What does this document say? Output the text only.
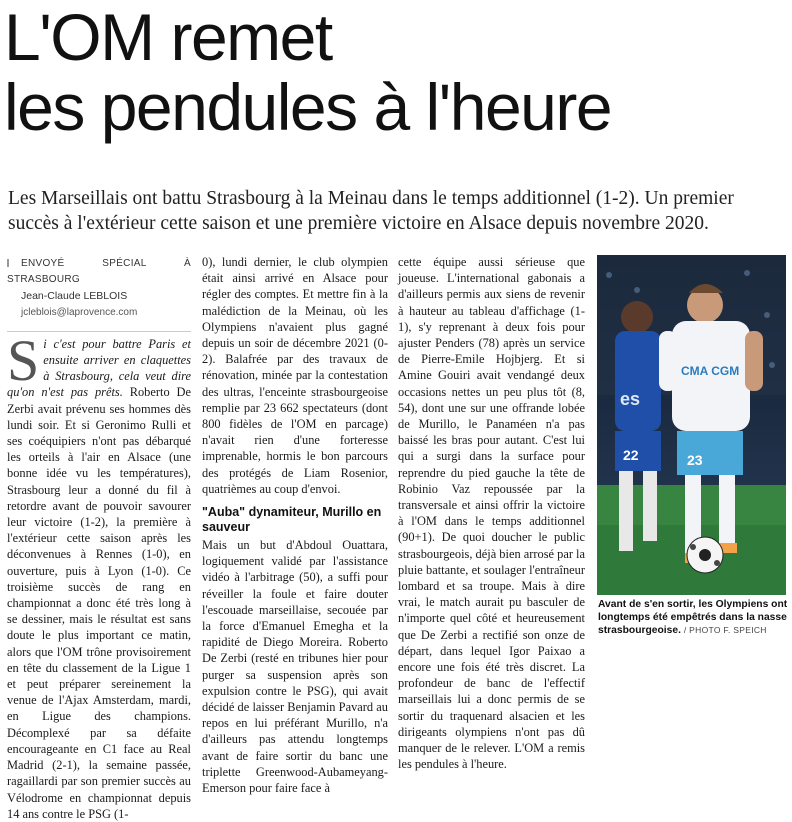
L'OM remet
les pendules à l'heure

Les Marseillais ont battu Strasbourg à la Meinau dans le temps additionnel (1-2). Un premier succès à l'extérieur cette saison et une première victoire en Alsace depuis novembre 2020.

ENVOYÉ SPÉCIAL À STRASBOURG
Jean-Claude LEBLOIS
jcleblois@laprovence.com

Si c'est pour battre Paris et ensuite arriver en claquettes à Strasbourg, cela veut dire qu'on n'est pas prêts. Roberto De Zerbi avait prévenu ses hommes dès lundi soir. Et si Geronimo Rulli et ses coéquipiers n'ont pas débarqué les orteils à l'air en Alsace (une bonne idée vu les températures), Strasbourg leur a donné du fil à retordre avant de pouvoir savourer leur victoire (1-2), la première à l'extérieur cette saison après les déconvenues à Rennes (1-0), en ouverture, puis à Lyon (1-0). Ce troisième succès de rang en championnat a donc été très long à se dessiner, mais le résultat est sans doute le plus important ce matin, alors que l'OM trône provisoirement en tête du classement de la Ligue 1 et peut préparer sereinement la venue de l'Ajax Amsterdam, mardi, en Ligue des champions. Décomplexé par sa défaite encourageante en C1 face au Real Madrid (2-1), la semaine passée, ragaillardi par son premier succès au Vélodrome en championnat depuis 14 ans contre le PSG (1-

0), lundi dernier, le club olympien était ainsi arrivé en Alsace pour régler des comptes. Et mettre fin à la malédiction de la Meinau, où les Olympiens n'avaient plus gagné depuis un soir de décembre 2021 (0-2). Balafrée par des travaux de rénovation, minée par la contestation des ultras, l'enceinte strasbourgeoise remplie par 23 662 spectateurs (dont 800 fidèles de l'OM en parcage) n'avait rien d'une forteresse imprenable, hormis le bon parcours des protégés de Liam Rosenior, quatrièmes au coup d'envoi.

"Auba" dynamiteur, Murillo en sauveur

Mais un but d'Abdoul Ouattara, logiquement validé par l'assistance vidéo à l'arbitrage (50), a suffi pour réveiller la foule et faire douter l'escouade marseillaise, secouée par la force d'Emanuel Emegha et la rapidité de Diego Moreira. Roberto De Zerbi (resté en tribunes hier pour purger sa suspension après son expulsion contre le PSG), qui avait décidé de laisser Benjamin Pavard au repos en lui préférant Murillo, n'a d'ailleurs pas attendu longtemps avant de faire sortir du banc une triplette Greenwood-Aubameyang-Emerson pour faire face à

cette équipe aussi sérieuse que joueuse. L'international gabonais a d'ailleurs permis aux siens de revenir à hauteur au tableau d'affichage (1-1), s'y reprenant à deux fois pour ajuster Penders (78) après un service de Pierre-Emile Hojbjerg. Et si Amine Gouiri avait vendangé deux occasions nettes un peu plus tôt (8, 54), dont une sur une offrande lobée de Murillo, le Panaméen n'a pas baissé les bras pour autant. C'est lui qui a surgi dans la surface pour reprendre du pied gauche la tête de Robinio Vaz repoussée par la transversale et ainsi offrir la victoire à l'OM dans le temps additionnel (90+1). De quoi doucher le public strasbourgeois, déjà bien arrosé par la pluie battante, et soulager l'entraîneur lombard et sa troupe. Mais à dire vrai, le match aurait pu basculer de n'importe quel côté et heureusement que De Zerbi a rectifié son onze de départ, dans lequel Igor Paixao a encore une fois été très discret. La profondeur de banc de l'effectif marseillais lui a donc permis de se sortir du traquenard alsacien et les dirigeants olympiens n'ont pas dû manquer de le relever. L'OM a remis les pendules à l'heure.

es
22
CMA CGM
23

Avant de s'en sortir, les Olympiens ont longtemps été empêtrés dans la nasse strasbourgeoise. / PHOTO F. SPEICH
